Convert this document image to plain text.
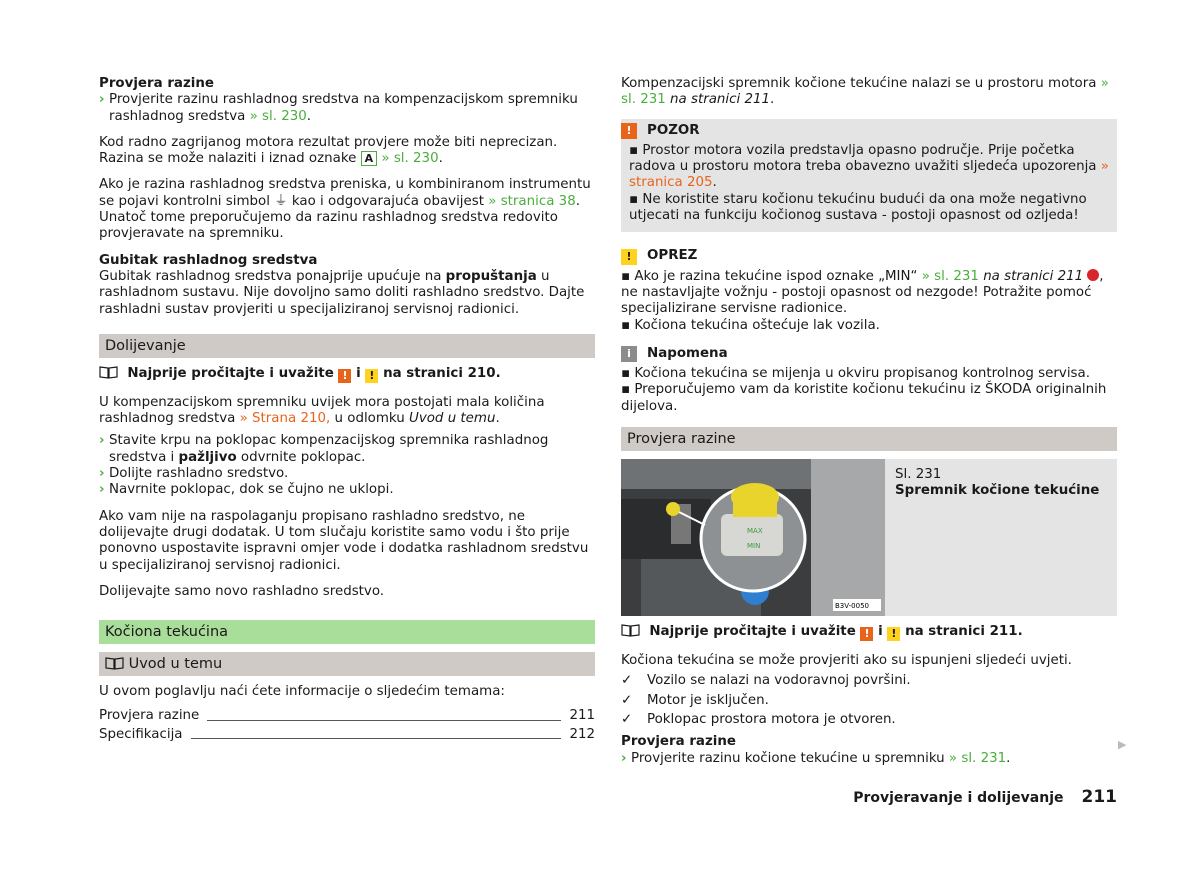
Provjera razine

› Provjerite razinu rashladnog sredstva na kompenzacijskom spremniku rashladnog sredstva » sl. 230.

Kod radno zagrijanog motora rezultat provjere može biti neprecizan. Razina se može nalaziti i iznad oznake A » sl. 230.

Ako je razina rashladnog sredstva preniska, u kombiniranom instrumentu se pojavi kontrolni simbol ⏚ kao i odgovarajuća obavijest » stranica 38. Unatoč tome preporučujemo da razinu rashladnog sredstva redovito provjeravate na spremniku.

Gubitak rashladnog sredstva

Gubitak rashladnog sredstva ponajprije upućuje na propuštanja u rashladnom sustavu. Nije dovoljno samo doliti rashladno sredstvo. Dajte rashladni sustav provjeriti u specijaliziranoj servisnoj radionici.

Dolijevanje

Najprije pročitajte i uvažite ! i ! na stranici 210.

U kompenzacijskom spremniku uvijek mora postojati mala količina rashladnog sredstva » Strana 210, u odlomku Uvod u temu.

› Stavite krpu na poklopac kompenzacijskog spremnika rashladnog sredstva i pažljivo odvrnite poklopac.
› Dolijte rashladno sredstvo.
› Navrnite poklopac, dok se čujno ne uklopi.

Ako vam nije na raspolaganju propisano rashladno sredstvo, ne dolijevajte drugi dodatak. U tom slučaju koristite samo vodu i što prije ponovno uspostavite ispravni omjer vode i dodatka rashladnom sredstvu u specijaliziranoj servisnoj radionici.

Dolijevajte samo novo rashladno sredstvo.

Kočiona tekućina
Uvod u temu

U ovom poglavlju naći ćete informacije o sljedećim temama:

Provjera razine	211
Specifikacija	212

Kompenzacijski spremnik kočione tekućine nalazi se u prostoru motora » sl. 231 na stranici 211.

!	POZOR

▪ Prostor motora vozila predstavlja opasno područje. Prije početka radova u prostoru motora treba obavezno uvažiti sljedeća upozorenja » stranica 205.

▪ Ne koristite staru kočionu tekućinu budući da ona može negativno utjecati na funkciju kočionog sustava - postoji opasnost od ozljeda!

!	OPREZ

▪ Ako je razina tekućine ispod oznake „MIN“ » sl. 231 na stranici 211 , ne nastavljajte vožnju - postoji opasnost od nezgode! Potražite pomoć specijalizirane servisne radionice.

▪ Kočiona tekućina oštećuje lak vozila.

i	Napomena

▪ Kočiona tekućina se mijenja u okviru propisanog kontrolnog servisa.

▪ Preporučujemo vam da koristite kočionu tekućinu iz ŠKODA originalnih dijelova.

Provjera razine
MAX
MIN
B3V-0050

Sl. 231

Spremnik kočione tekućine

Najprije pročitajte i uvažite ! i ! na stranici 211.

Kočiona tekućina se može provjeriti ako su ispunjeni sljedeći uvjeti.

✓	Vozilo se nalazi na vodoravnoj površini.
✓	Motor je isključen.
✓	Poklopac prostora motora je otvoren.

Provjera razine

› Provjerite razinu kočione tekućine u spremniku » sl. 231.
▶
Provjeravanje i dolijevanje 211
